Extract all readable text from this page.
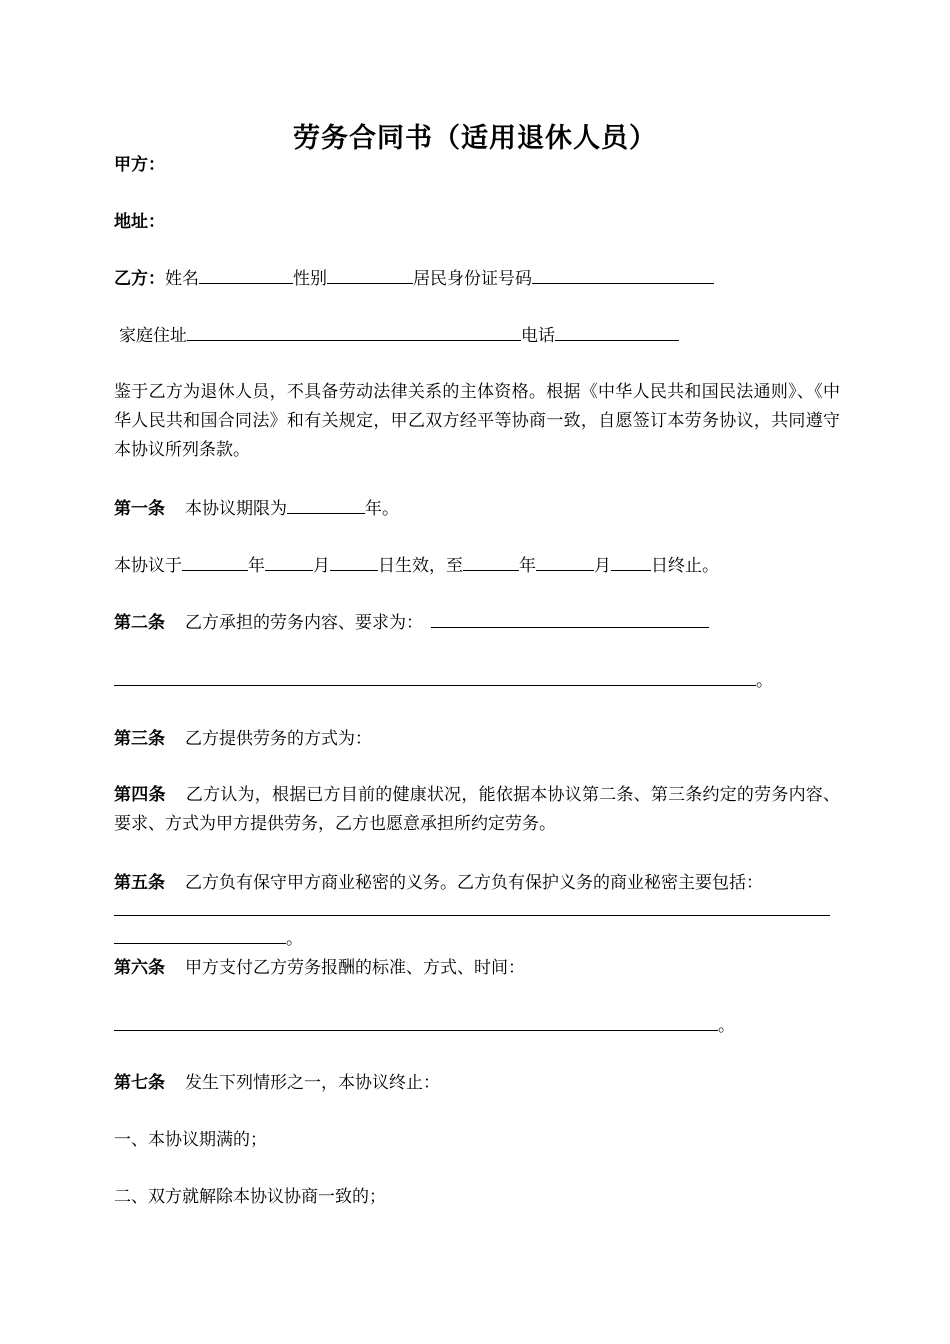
劳务合同书（适用退休人员）
甲方：
地址：
乙方：姓名	性别	居民身份证号码
家庭住址	电话
鉴于乙方为退休人员，不具备劳动法律关系的主体资格。根据《中华人民共和国民法通则》、《中华人民共和国合同法》和有关规定，甲乙双方经平等协商一致，自愿签订本劳务协议，共同遵守本协议所列条款。
第一条 本协议期限为	年。
本协议于	年	月	日生效，至	年	月 日终止。
第二条 乙方承担的劳务内容、要求为：
。
第三条 乙方提供劳务的方式为：
第四条 乙方认为，根据已方目前的健康状况，能依据本协议第二条、第三条约定的劳务内容、要求、方式为甲方提供劳务，乙方也愿意承担所约定劳务。
第五条 乙方负有保守甲方商业秘密的义务。乙方负有保护义务的商业秘密主要包括：
。
第六条 甲方支付乙方劳务报酬的标准、方式、时间：
。
第七条 发生下列情形之一，本协议终止：
一、本协议期满的；
二、双方就解除本协议协商一致的；
